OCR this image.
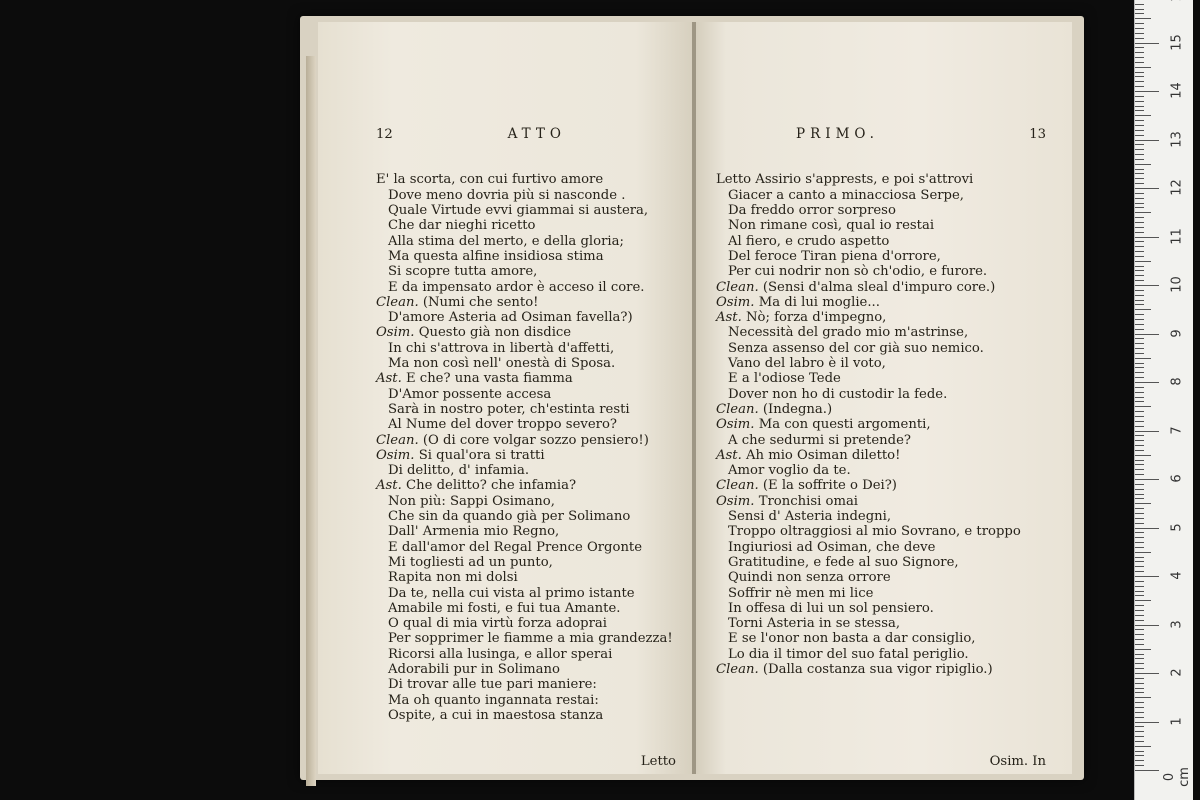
12	ATTO

E' la scorta, con cui furtivo amore
Dove meno dovria più si nasconde .
Quale Virtude evvi giammai si austera,
Che dar nieghi ricetto
Alla stima del merto, e della gloria;
Ma questa alfine insidiosa stima
Si scopre tutta amore,
E da impensato ardor è acceso il core.
Clean. (Numi che sento!
D'amore Asteria ad Osiman favella?)
Osim. Questo già non disdice
In chi s'attrova in libertà d'affetti,
Ma non così nell' onestà di Sposa.
Ast. E che? una vasta fiamma
D'Amor possente accesa
Sarà in nostro poter, ch'estinta resti
Al Nume del dover troppo severo?
Clean. (O di core volgar sozzo pensiero!)
Osim. Si qual'ora si tratti
Di delitto, d' infamia.
Ast. Che delitto? che infamia?
Non più: Sappi Osimano,
Che sin da quando già per Solimano
Dall' Armenia mio Regno,
E dall'amor del Regal Prence Orgonte
Mi togliesti ad un punto,
Rapita non mi dolsi
Da te, nella cui vista al primo istante
Amabile mi fosti, e fui tua Amante.
O qual di mia virtù forza adoprai
Per sopprimer le fiamme a mia grandezza!
Ricorsi alla lusinga, e allor sperai
Adorabili pur in Solimano
Di trovar alle tue pari maniere:
Ma oh quanto ingannata restai:
Ospite, a cui in maestosa stanza

Letto

PRIMO.	13

Letto Assirio s'apprests, e poi s'attrovi
Giacer a canto a minacciosa Serpe,
Da freddo orror sorpreso
Non rimane così, qual io restai
Al fiero, e crudo aspetto
Del feroce Tiran piena d'orrore,
Per cui nodrir non sò ch'odio, e furore.
Clean. (Sensi d'alma sleal d'impuro core.)
Osim. Ma di lui moglie...
Ast. Nò; forza d'impegno,
Necessità del grado mio m'astrinse,
Senza assenso del cor già suo nemico.
Vano del labro è il voto,
E a l'odiose Tede
Dover non ho di custodir la fede.
Clean. (Indegna.)
Osim. Ma con questi argomenti,
A che sedurmi si pretende?
Ast. Ah mio Osiman diletto!
Amor voglio da te.
Clean. (E la soffrite o Dei?)
Osim. Tronchisi omai
Sensi d' Asteria indegni,
Troppo oltraggiosi al mio Sovrano, e troppo
Ingiuriosi ad Osiman, che deve
Gratitudine, e fede al suo Signore,
Quindi non senza orrore
Soffrir nè men mi lice
In offesa di lui un sol pensiero.
Torni Asteria in se stessa,
E se l'onor non basta a dar consiglio,
Lo dia il timor del suo fatal periglio.
Clean. (Dalla costanza sua vigor ripiglio.)

Osim. In

0 cm
1
2
3
4
5
6
7
8
9
10
11
12
13
14
15
